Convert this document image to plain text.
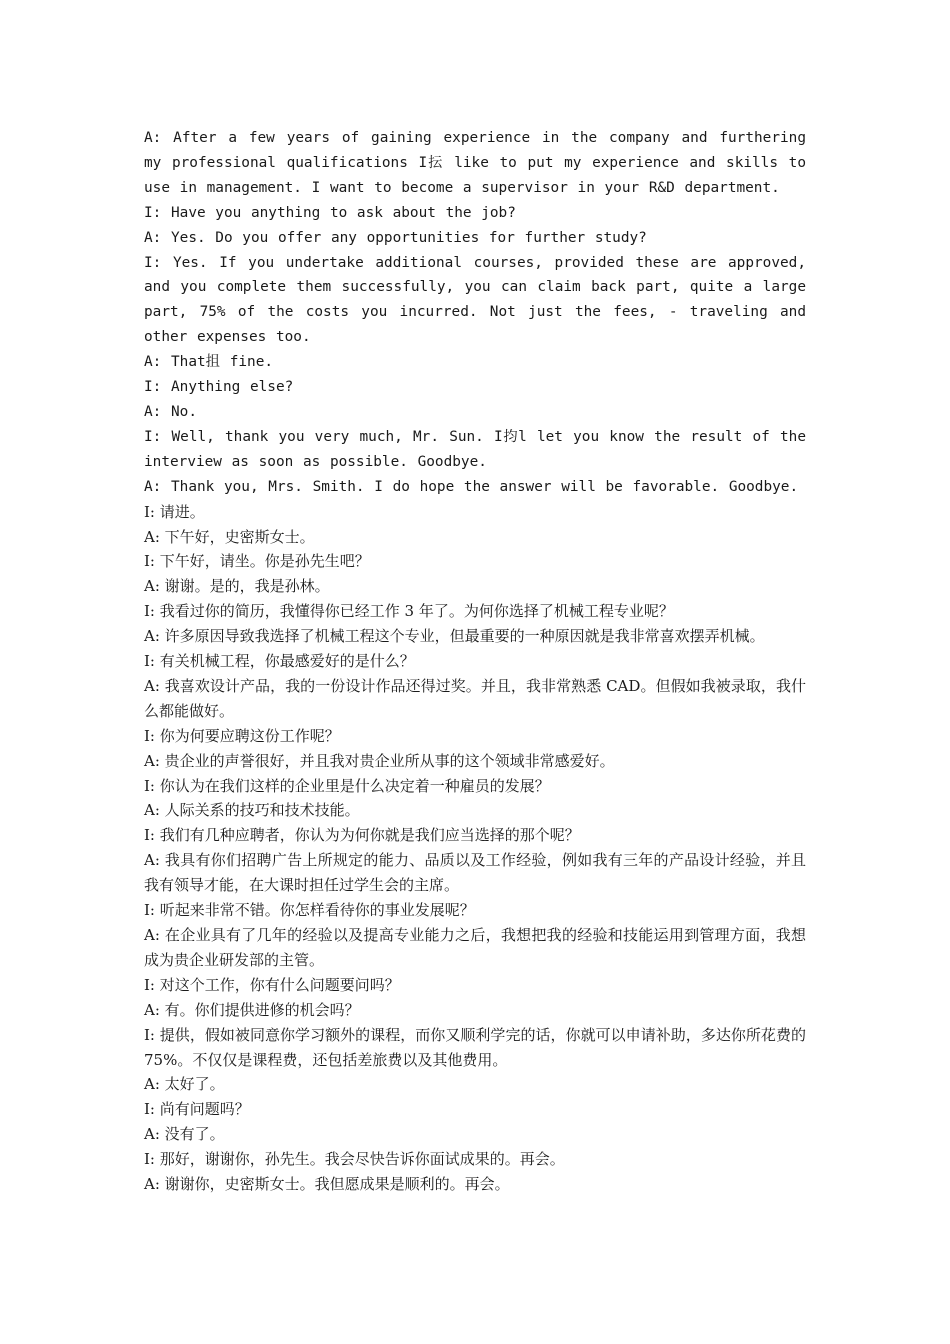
A: After a few years of gaining experience in the company and furthering my professional qualifications I抎 like to put my experience and skills to use in management. I want to become a supervisor in your R&D department.

I: Have you anything to ask about the job?

A: Yes. Do you offer any opportunities for further study?

I: Yes. If you undertake additional courses, provided these are approved, and you complete them successfully, you can claim back part, quite a large part, 75% of the costs you incurred. Not just the fees, - traveling and other expenses too.

A: That抯 fine.

I: Anything else?

A: No.

I: Well, thank you very much, Mr. Sun. I抣l let you know the result of the interview as soon as possible. Goodbye.

A: Thank you, Mrs. Smith. I do hope the answer will be favorable. Goodbye.

I: 请进。

A: 下午好，史密斯女士。

I: 下午好，请坐。你是孙先生吧？

A: 谢谢。是的，我是孙林。

I: 我看过你的简历，我懂得你已经工作 3 年了。为何你选择了机械工程专业呢？

A: 许多原因导致我选择了机械工程这个专业，但最重要的一种原因就是我非常喜欢摆弄机械。

I: 有关机械工程，你最感爱好的是什么？

A: 我喜欢设计产品，我的一份设计作品还得过奖。并且，我非常熟悉 CAD。但假如我被录取，我什么都能做好。

I: 你为何要应聘这份工作呢？

A: 贵企业的声誉很好，并且我对贵企业所从事的这个领域非常感爱好。

I: 你认为在我们这样的企业里是什么决定着一种雇员的发展？

A: 人际关系的技巧和技术技能。

I: 我们有几种应聘者，你认为为何你就是我们应当选择的那个呢？

A: 我具有你们招聘广告上所规定的能力、品质以及工作经验，例如我有三年的产品设计经验，并且我有领导才能，在大课时担任过学生会的主席。

I: 听起来非常不错。你怎样看待你的事业发展呢？

A: 在企业具有了几年的经验以及提高专业能力之后，我想把我的经验和技能运用到管理方面，我想成为贵企业研发部的主管。

I: 对这个工作，你有什么问题要问吗？

A: 有。你们提供进修的机会吗？

I: 提供，假如被同意你学习额外的课程，而你又顺利学完的话，你就可以申请补助，多达你所花费的 75%。不仅仅是课程费，还包括差旅费以及其他费用。

A: 太好了。

I: 尚有问题吗？

A: 没有了。

I: 那好，谢谢你，孙先生。我会尽快告诉你面试成果的。再会。

A: 谢谢你，史密斯女士。我但愿成果是顺利的。再会。
